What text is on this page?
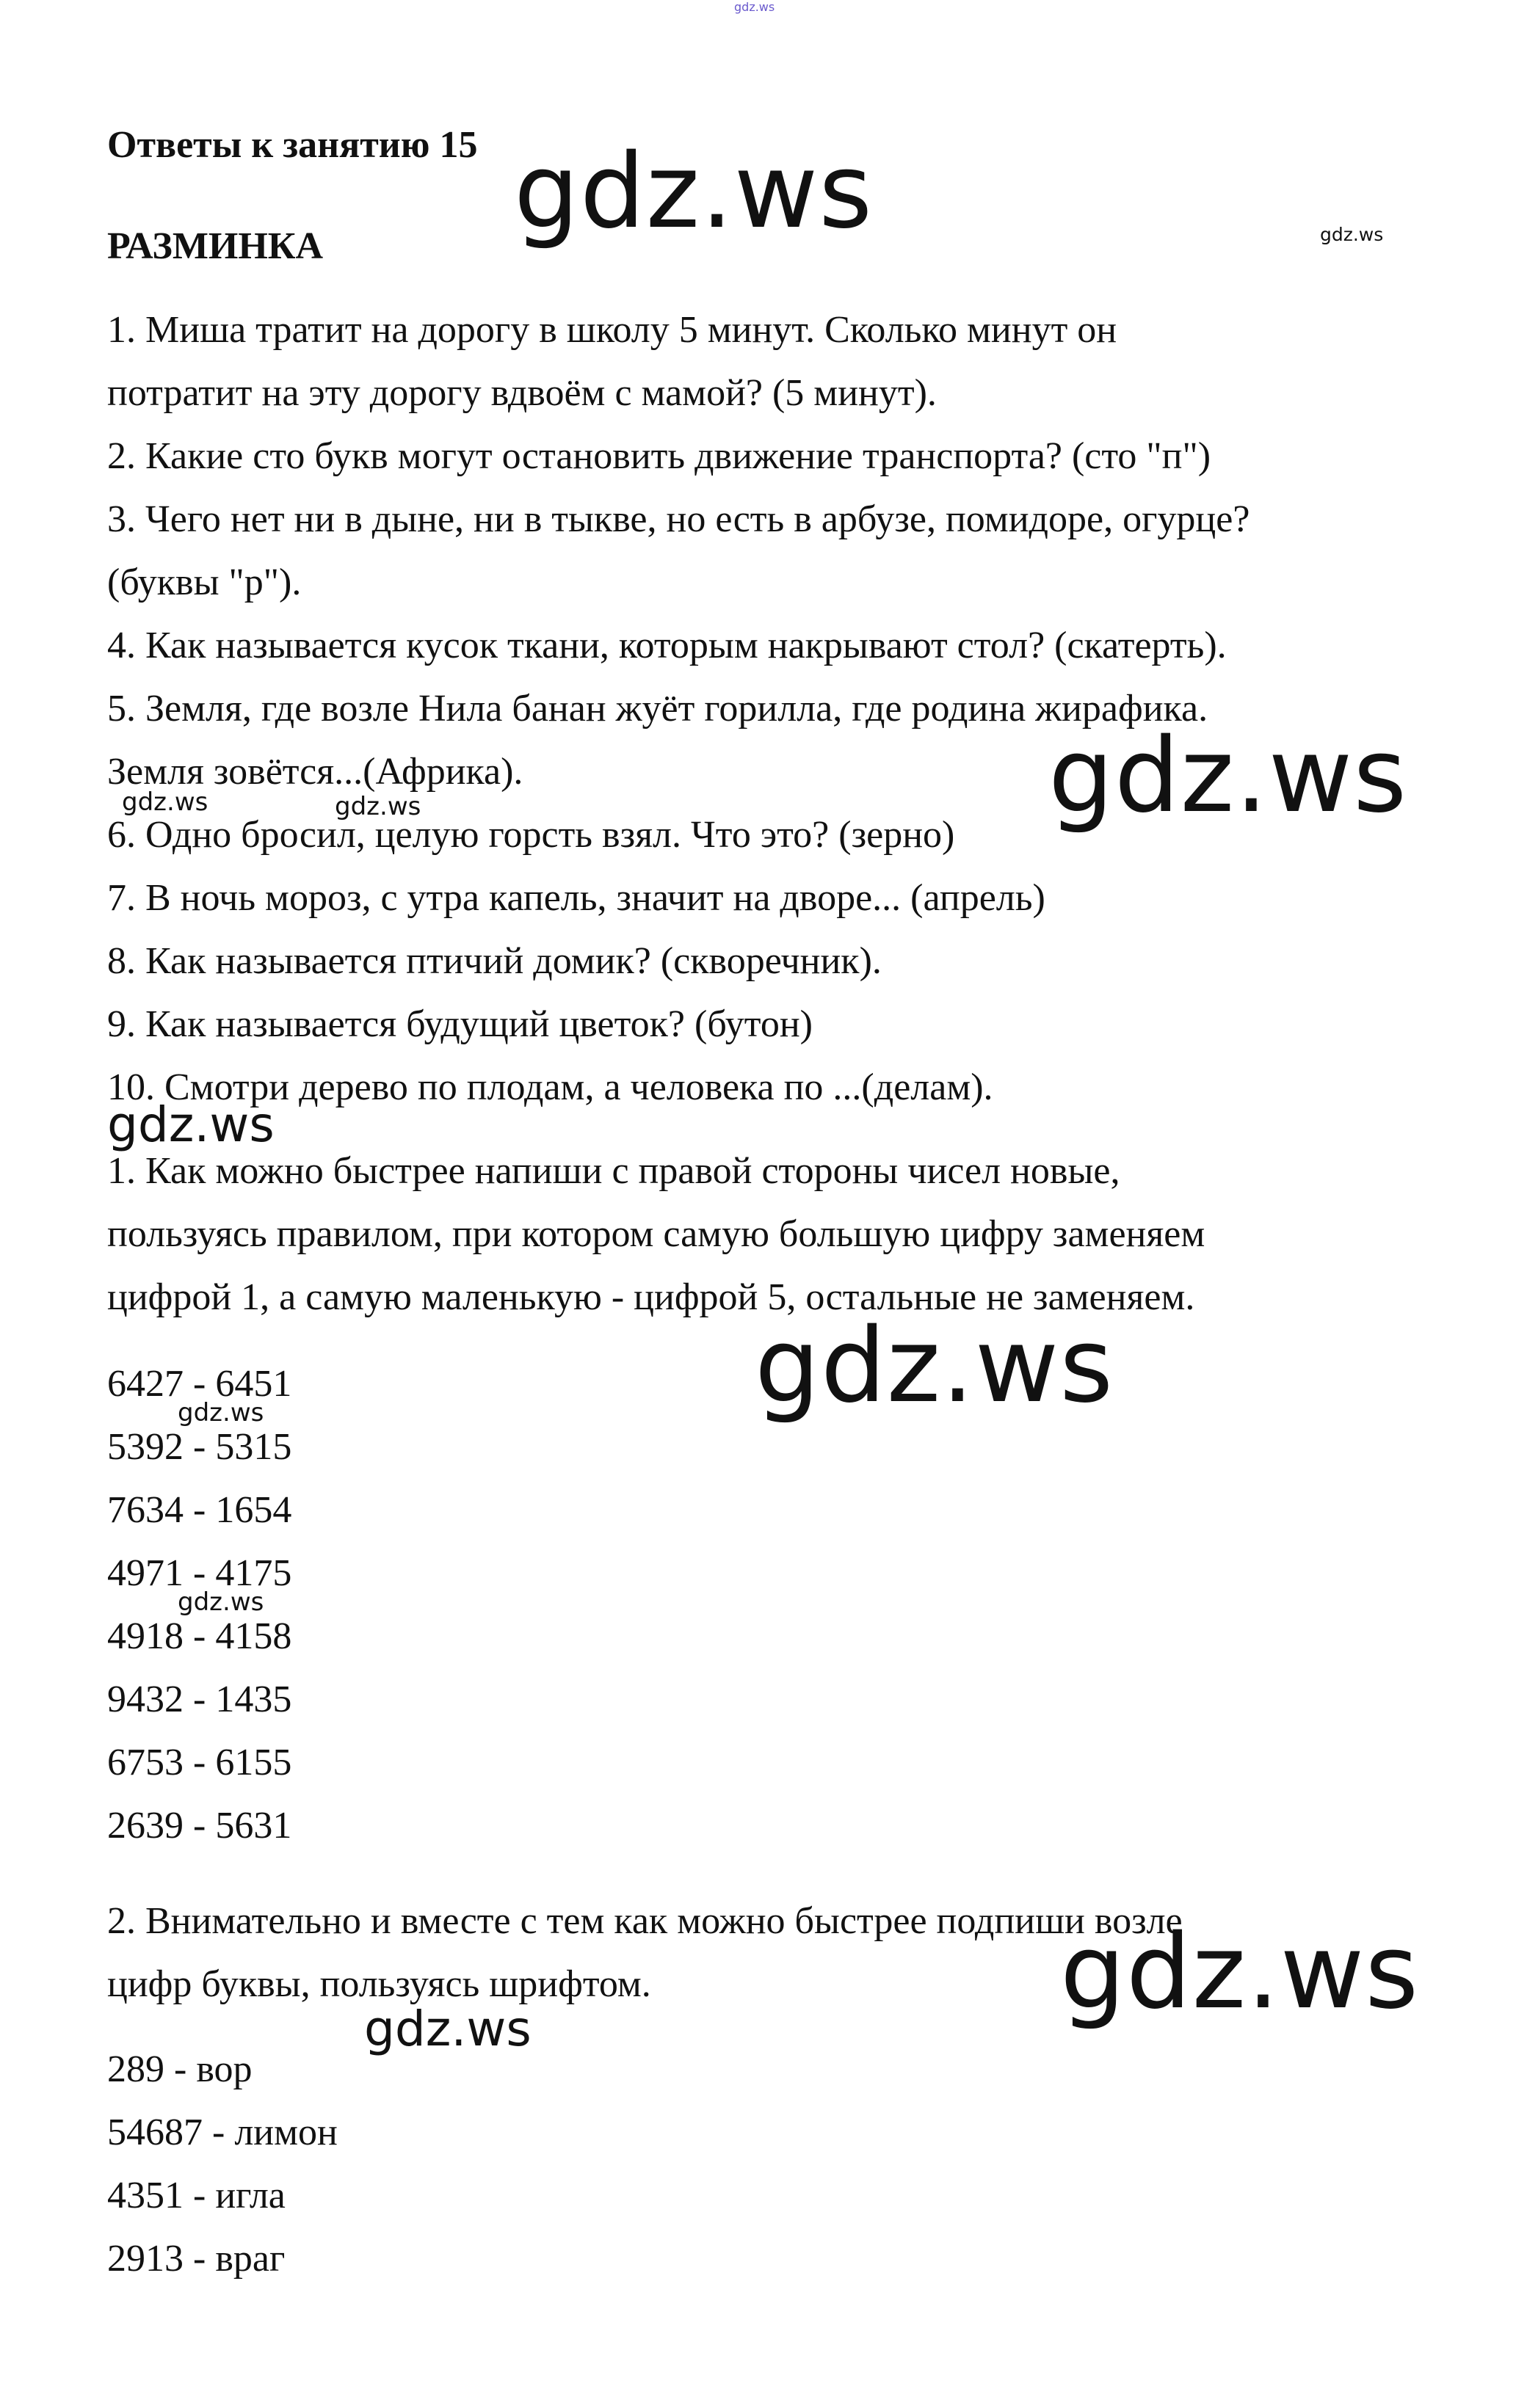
gdz.ws
gdz.ws	gdz.ws
gdz.ws
gdz.ws	gdz.ws
gdz.ws
gdz.ws
gdz.ws
gdz.ws
gdz.ws
gdz.ws
Ответы к занятию 15
РАЗМИНКА
1. Миша тратит на дорогу в школу 5 минут. Сколько минут он
потратит на эту дорогу вдвоём с мамой? (5 минут).
2. Какие сто букв могут остановить движение транспорта? (сто "п")
3. Чего нет ни в дыне, ни в тыкве, но есть в арбузе, помидоре, огурце?
(буквы "р").
4. Как называется кусок ткани, которым накрывают стол? (скатерть).
5. Земля, где возле Нила банан жуёт горилла, где родина жирафика.
Земля зовётся...(Африка).
6. Одно бросил, целую горсть взял. Что это? (зерно)
7. В ночь мороз, с утра капель, значит на дворе... (апрель)
8. Как называется птичий домик? (скворечник).
9. Как называется будущий цветок? (бутон)
10. Смотри дерево по плодам, а человека по ...(делам).
1. Как можно быстрее напиши с правой стороны чисел новые,
пользуясь правилом, при котором самую большую цифру заменяем
цифрой 1, а самую маленькую - цифрой 5, остальные не заменяем.
6427 - 6451
5392 - 5315
7634 - 1654
4971 - 4175
4918 - 4158
9432 - 1435
6753 - 6155
2639 - 5631
2. Внимательно и вместе с тем как можно быстрее подпиши возле
цифр буквы, пользуясь шрифтом.
289 - вор
54687 - лимон
4351 - игла
2913 - враг
